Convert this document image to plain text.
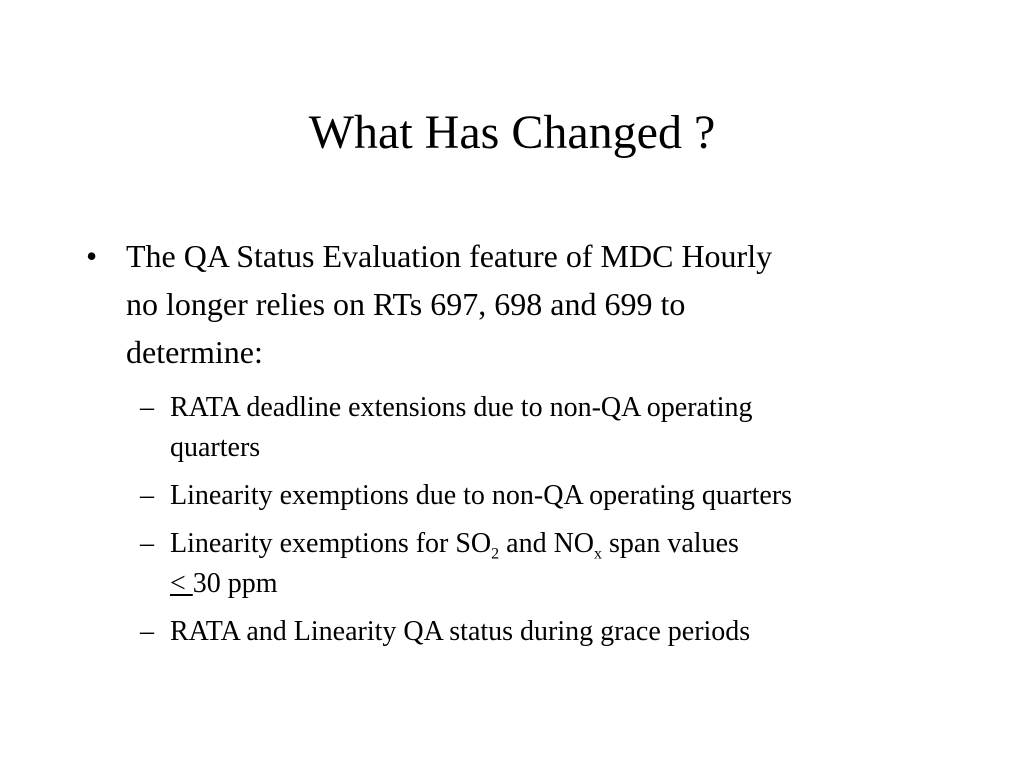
What Has Changed ?
• The QA Status Evaluation feature of MDC Hourly
no longer relies on RTs 697, 698 and 699 to
determine:
– RATA deadline extensions due to non-QA operating
quarters
– Linearity exemptions due to non-QA operating quarters
– Linearity exemptions for $SO_2$ and $NO_x$ span values
< 30 ppm
– RATA and Linearity QA status during grace periods
